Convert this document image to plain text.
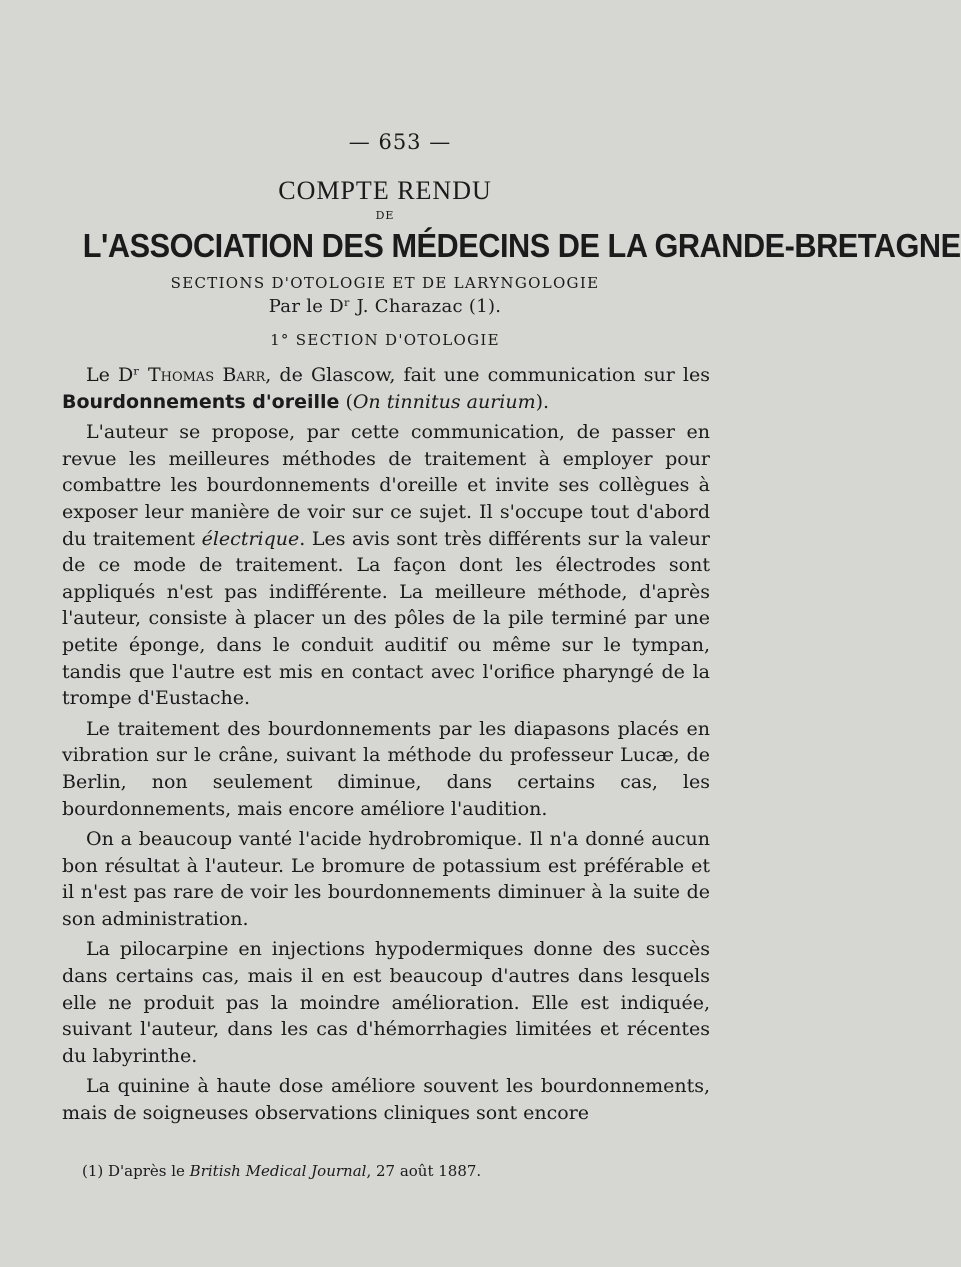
— 653 —
COMPTE RENDU
DE
L'ASSOCIATION DES MÉDECINS DE LA GRANDE-BRETAGNE
SECTIONS D'OTOLOGIE ET DE LARYNGOLOGIE
Par le Dʳ J. Charazac (1).
1° SECTION D'OTOLOGIE

Le Dʳ Thomas Barr, de Glascow, fait une communication sur les Bourdonnements d'oreille (On tinnitus aurium).

L'auteur se propose, par cette communication, de passer en revue les meilleures méthodes de traitement à employer pour combattre les bourdonnements d'oreille et invite ses collègues à exposer leur manière de voir sur ce sujet. Il s'occupe tout d'abord du traitement électrique. Les avis sont très différents sur la valeur de ce mode de traitement. La façon dont les électrodes sont appliqués n'est pas indifférente. La meilleure méthode, d'après l'auteur, consiste à placer un des pôles de la pile terminé par une petite éponge, dans le conduit auditif ou même sur le tympan, tandis que l'autre est mis en contact avec l'orifice pharyngé de la trompe d'Eustache.

Le traitement des bourdonnements par les diapasons placés en vibration sur le crâne, suivant la méthode du professeur Lucæ, de Berlin, non seulement diminue, dans certains cas, les bourdonnements, mais encore améliore l'audition.

On a beaucoup vanté l'acide hydrobromique. Il n'a donné aucun bon résultat à l'auteur. Le bromure de potassium est préférable et il n'est pas rare de voir les bourdonnements diminuer à la suite de son administration.

La pilocarpine en injections hypodermiques donne des succès dans certains cas, mais il en est beaucoup d'autres dans lesquels elle ne produit pas la moindre amélioration. Elle est indiquée, suivant l'auteur, dans les cas d'hémorrhagies limitées et récentes du labyrinthe.

La quinine à haute dose améliore souvent les bourdonnements, mais de soigneuses observations cliniques sont encore

(1) D'après le British Medical Journal, 27 août 1887.
